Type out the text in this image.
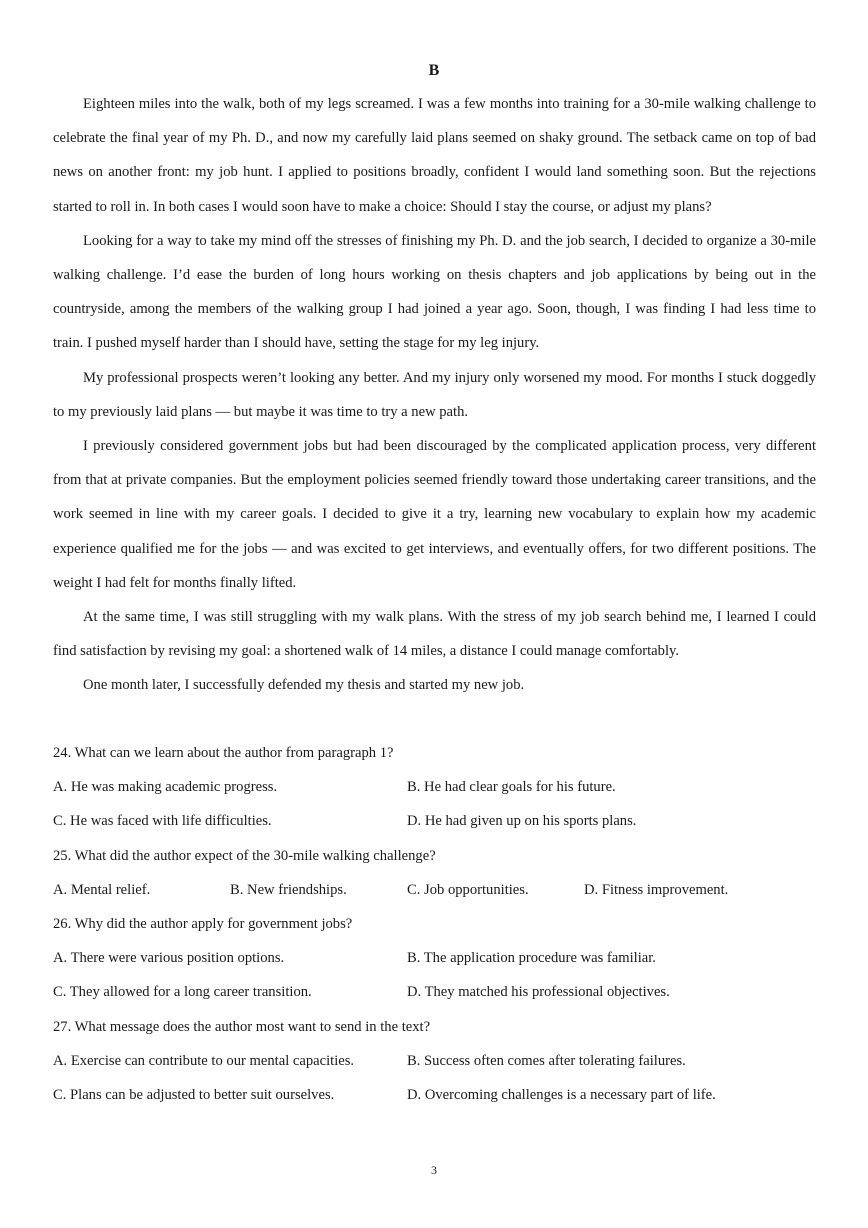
B

Eighteen miles into the walk, both of my legs screamed. I was a few months into training for a 30-mile walking challenge to celebrate the final year of my Ph. D., and now my carefully laid plans seemed on shaky ground. The setback came on top of bad news on another front: my job hunt. I applied to positions broadly, confident I would land something soon. But the rejections started to roll in. In both cases I would soon have to make a choice: Should I stay the course, or adjust my plans?

Looking for a way to take my mind off the stresses of finishing my Ph. D. and the job search, I decided to organize a 30-mile walking challenge. I’d ease the burden of long hours working on thesis chapters and job applications by being out in the countryside, among the members of the walking group I had joined a year ago. Soon, though, I was finding I had less time to train. I pushed myself harder than I should have, setting the stage for my leg injury.

My professional prospects weren’t looking any better. And my injury only worsened my mood. For months I stuck doggedly to my previously laid plans — but maybe it was time to try a new path.

I previously considered government jobs but had been discouraged by the complicated application process, very different from that at private companies. But the employment policies seemed friendly toward those undertaking career transitions, and the work seemed in line with my career goals. I decided to give it a try, learning new vocabulary to explain how my academic experience qualified me for the jobs — and was excited to get interviews, and eventually offers, for two different positions. The weight I had felt for months finally lifted.

At the same time, I was still struggling with my walk plans. With the stress of my job search behind me, I learned I could find satisfaction by revising my goal: a shortened walk of 14 miles, a distance I could manage comfortably.

One month later, I successfully defended my thesis and started my new job.

24. What can we learn about the author from paragraph 1?

A. He was making academic progress.	B. He had clear goals for his future.
C. He was faced with life difficulties.	D. He had given up on his sports plans.

25. What did the author expect of the 30-mile walking challenge?

A. Mental relief.	B. New friendships.	C. Job opportunities.	D. Fitness improvement.

26. Why did the author apply for government jobs?

A. There were various position options.	B. The application procedure was familiar.
C. They allowed for a long career transition.	D. They matched his professional objectives.

27. What message does the author most want to send in the text?

A. Exercise can contribute to our mental capacities.	B. Success often comes after tolerating failures.
C. Plans can be adjusted to better suit ourselves.	D. Overcoming challenges is a necessary part of life.
3
